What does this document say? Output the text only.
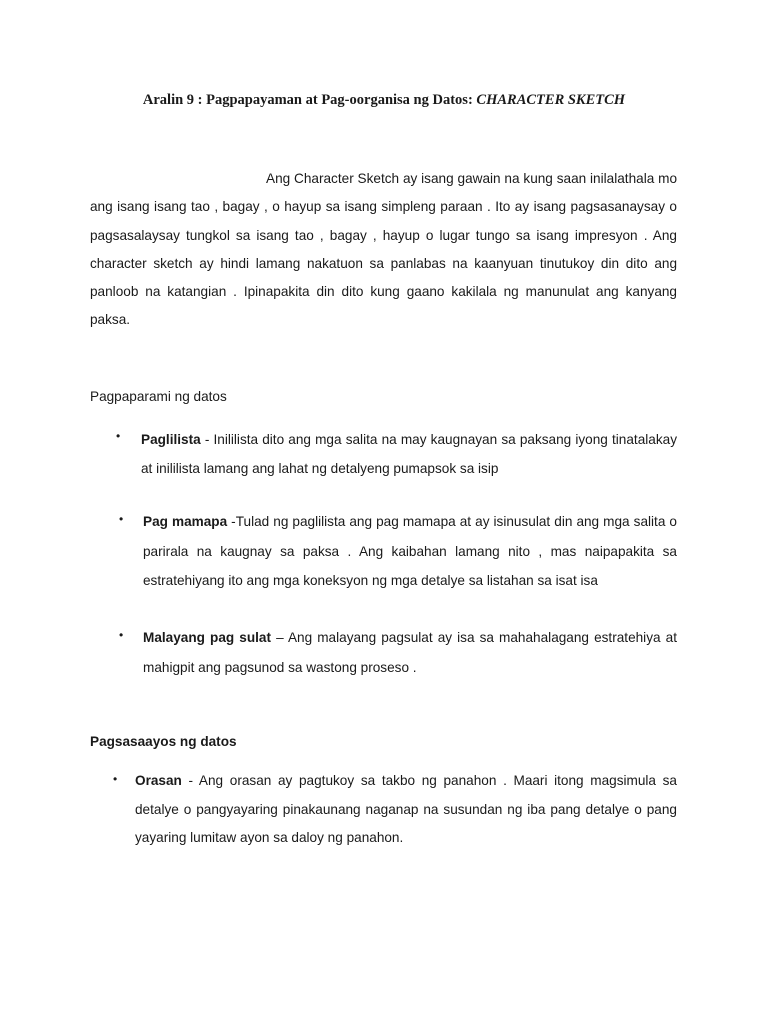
Aralin 9 : Pagpapayaman at Pag-oorganisa ng Datos: CHARACTER SKETCH
Ang Character Sketch ay isang gawain na kung saan inilalathala mo ang isang isang tao , bagay , o hayup sa isang simpleng paraan . Ito ay isang pagsasanaysay o pagsasalaysay tungkol sa isang tao , bagay , hayup o lugar tungo sa isang impresyon . Ang character sketch ay hindi lamang nakatuon sa panlabas na kaanyuan tinutukoy din dito ang panloob na katangian . Ipinapakita din dito kung gaano kakilala ng manunulat ang kanyang paksa.
Pagpaparami ng datos
• Paglilista - Inililista dito ang mga salita na may kaugnayan sa paksang iyong tinatalakay at inililista lamang ang lahat ng detalyeng pumapsok sa isip
• Pag mamapa -Tulad ng paglilista ang pag mamapa at ay isinusulat din ang mga salita o parirala na kaugnay sa paksa . Ang kaibahan lamang nito , mas naipapakita sa estratehiyang ito ang mga koneksyon ng mga detalye sa listahan sa isat isa
• Malayang pag sulat – Ang malayang pagsulat ay isa sa mahahalagang estratehiya at mahigpit ang pagsunod sa wastong proseso .
Pagsasaayos ng datos
• Orasan - Ang orasan ay pagtukoy sa takbo ng panahon . Maari itong magsimula sa detalye o pangyayaring pinakaunang naganap na susundan ng iba pang detalye o pang yayaring lumitaw ayon sa daloy ng panahon.
